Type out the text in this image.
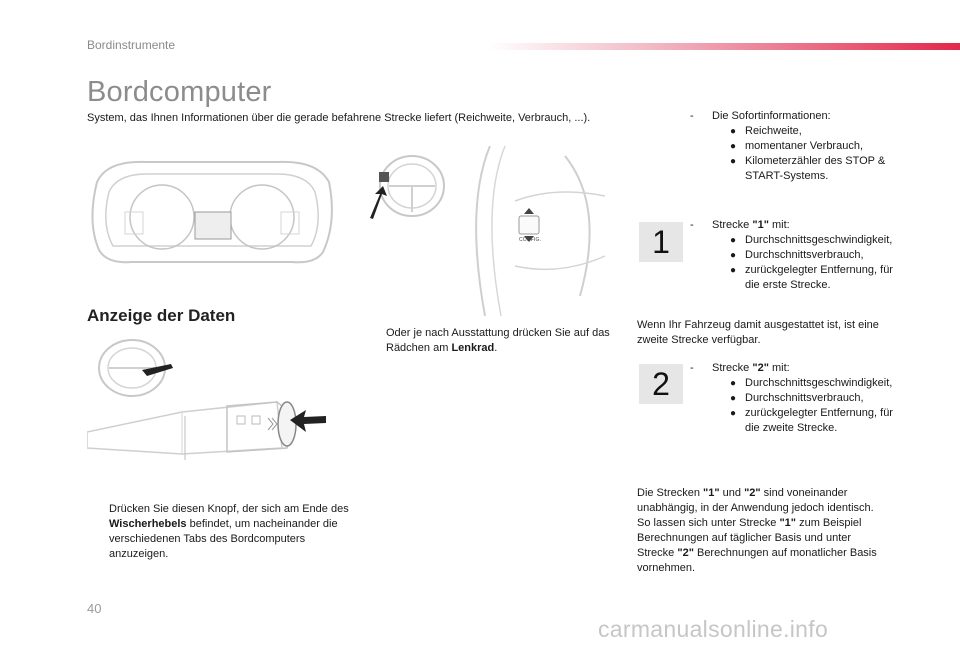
Bordinstrumente
Bordcomputer
System, das Ihnen Informationen über die gerade befahrene Strecke liefert (Reichweite, Verbrauch, ...).
CONFIG.
Anzeige der Daten
Oder je nach Ausstattung drücken Sie auf das Rädchen am Lenkrad.
Drücken Sie diesen Knopf, der sich am Ende des Wischerhebels befindet, um nacheinander die verschiedenen Tabs des Bordcomputers anzuzeigen.
- Die Sofortinformationen:
● Reichweite,
● momentaner Verbrauch,
● Kilometerzähler des STOP & START-Systems.
1	- Strecke "1" mit:
● Durchschnittsgeschwindigkeit,
● Durchschnittsverbrauch,
● zurückgelegter Entfernung, für die erste Strecke.
Wenn Ihr Fahrzeug damit ausgestattet ist, ist eine zweite Strecke verfügbar.
2	- Strecke "2" mit:
● Durchschnittsgeschwindigkeit,
● Durchschnittsverbrauch,
● zurückgelegter Entfernung, für die zweite Strecke.
Die Strecken "1" und "2" sind voneinander unabhängig, in der Anwendung jedoch identisch.
So lassen sich unter Strecke "1" zum Beispiel Berechnungen auf täglicher Basis und unter Strecke "2" Berechnungen auf monatlicher Basis vornehmen.
40
carmanualsonline.info
